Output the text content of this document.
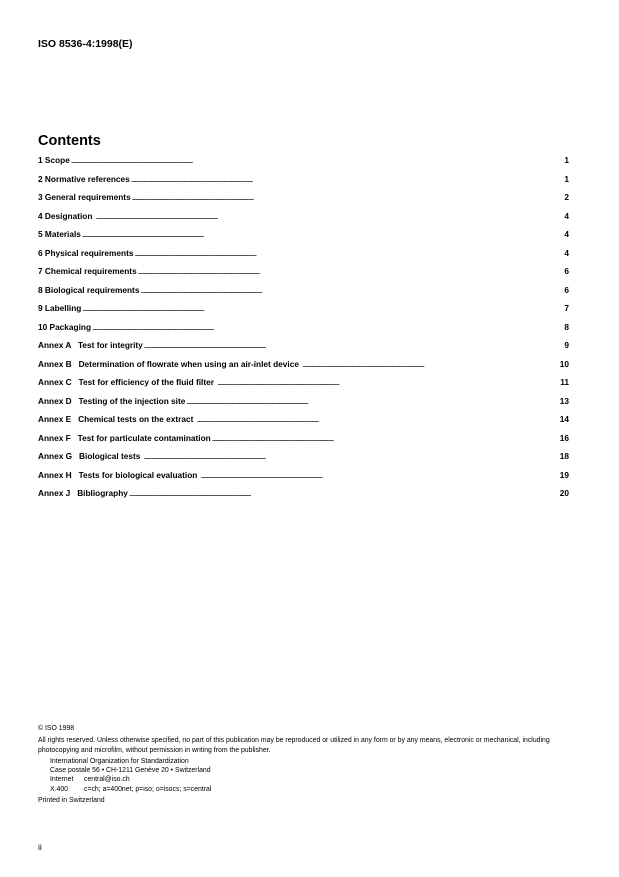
ISO 8536-4:1998(E)
Contents
1 Scope . . .	1
2 Normative references . . .	1
3 General requirements . . .	2
4 Designation . . .	4
5 Materials . . .	4
6 Physical requirements . . .	4
7 Chemical requirements . . .	6
8 Biological requirements . . .	6
9 Labelling . . .	7
10 Packaging . . .	8
Annex A   Test for integrity . . .	9
Annex B   Determination of flowrate when using an air-inlet device . . .	10
Annex C   Test for efficiency of the fluid filter . . .	11
Annex D   Testing of the injection site . . .	13
Annex E   Chemical tests on the extract . . .	14
Annex F   Test for particulate contamination . . .	16
Annex G   Biological tests . . .	18
Annex H   Tests for biological evaluation . . .	19
Annex J   Bibliography . . .	20
© ISO 1998
All rights reserved. Unless otherwise specified, no part of this publication may be reproduced or utilized in any form or by any means, electronic or mechanical, including photocopying and microfilm, without permission in writing from the publisher.
International Organization for Standardization
Case postale 56 • CH-1211 Genève 20 • Switzerland
Internet central@iso.ch
X.400 c=ch; a=400net; p=iso; o=isocs; s=central
Printed in Switzerland
ii
